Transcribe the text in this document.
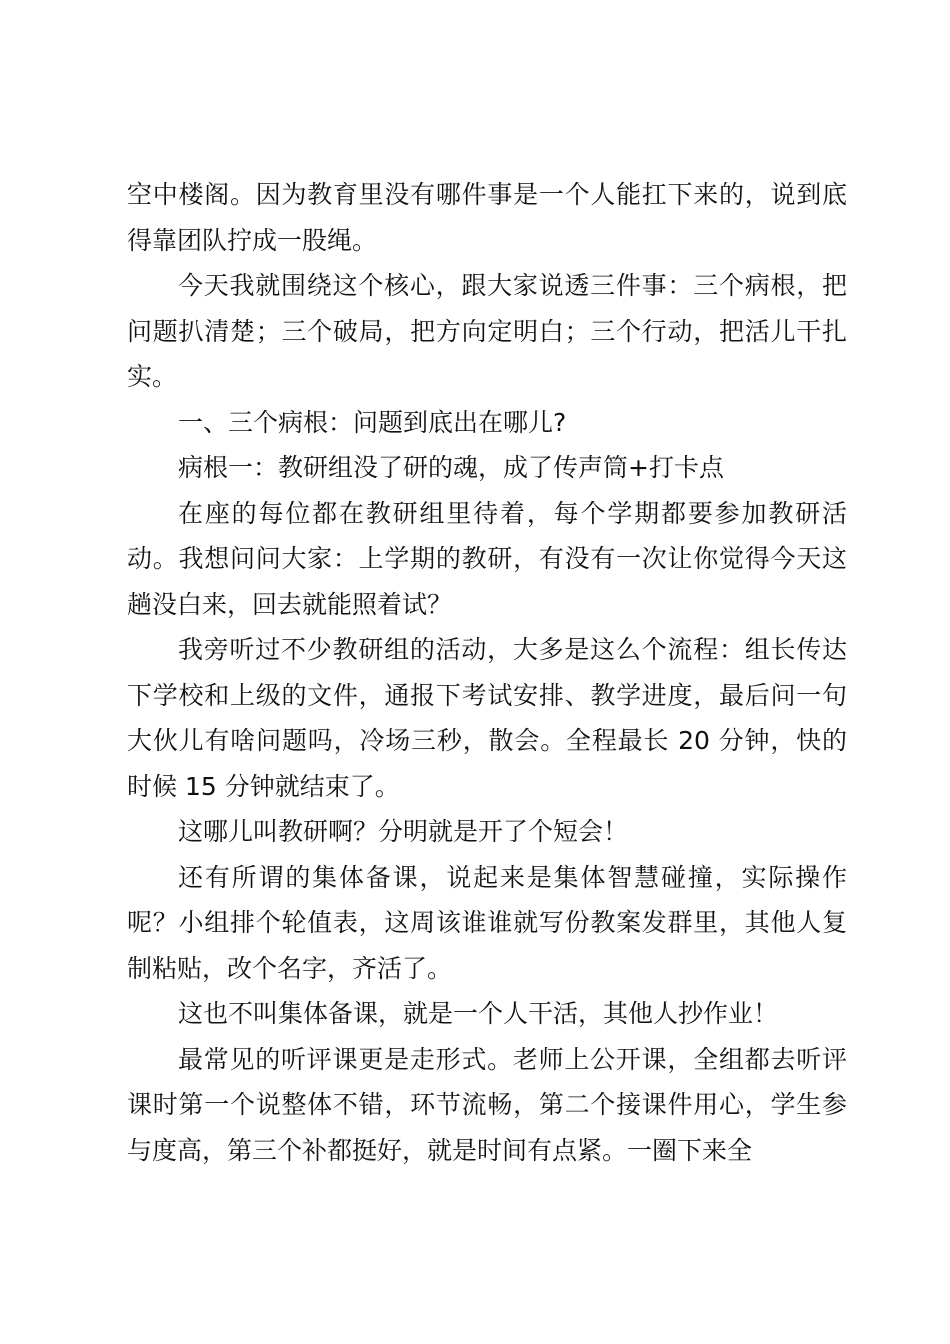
空中楼阁。因为教育里没有哪件事是一个人能扛下来的，说到底得靠团队拧成一股绳。

今天我就围绕这个核心，跟大家说透三件事：三个病根，把问题扒清楚；三个破局，把方向定明白；三个行动，把活儿干扎实。

一、三个病根：问题到底出在哪儿?

病根一：教研组没了研的魂，成了传声筒+打卡点

在座的每位都在教研组里待着，每个学期都要参加教研活动。我想问问大家：上学期的教研，有没有一次让你觉得今天这趟没白来，回去就能照着试？

我旁听过不少教研组的活动，大多是这么个流程：组长传达下学校和上级的文件，通报下考试安排、教学进度，最后问一句大伙儿有啥问题吗，冷场三秒，散会。全程最长 20 分钟，快的时候 15 分钟就结束了。

这哪儿叫教研啊？分明就是开了个短会！

还有所谓的集体备课，说起来是集体智慧碰撞，实际操作呢？小组排个轮值表，这周该谁谁就写份教案发群里，其他人复制粘贴，改个名字，齐活了。

这也不叫集体备课，就是一个人干活，其他人抄作业！

最常见的听评课更是走形式。老师上公开课，全组都去听评课时第一个说整体不错，环节流畅，第二个接课件用心，学生参与度高，第三个补都挺好，就是时间有点紧。一圈下来全
